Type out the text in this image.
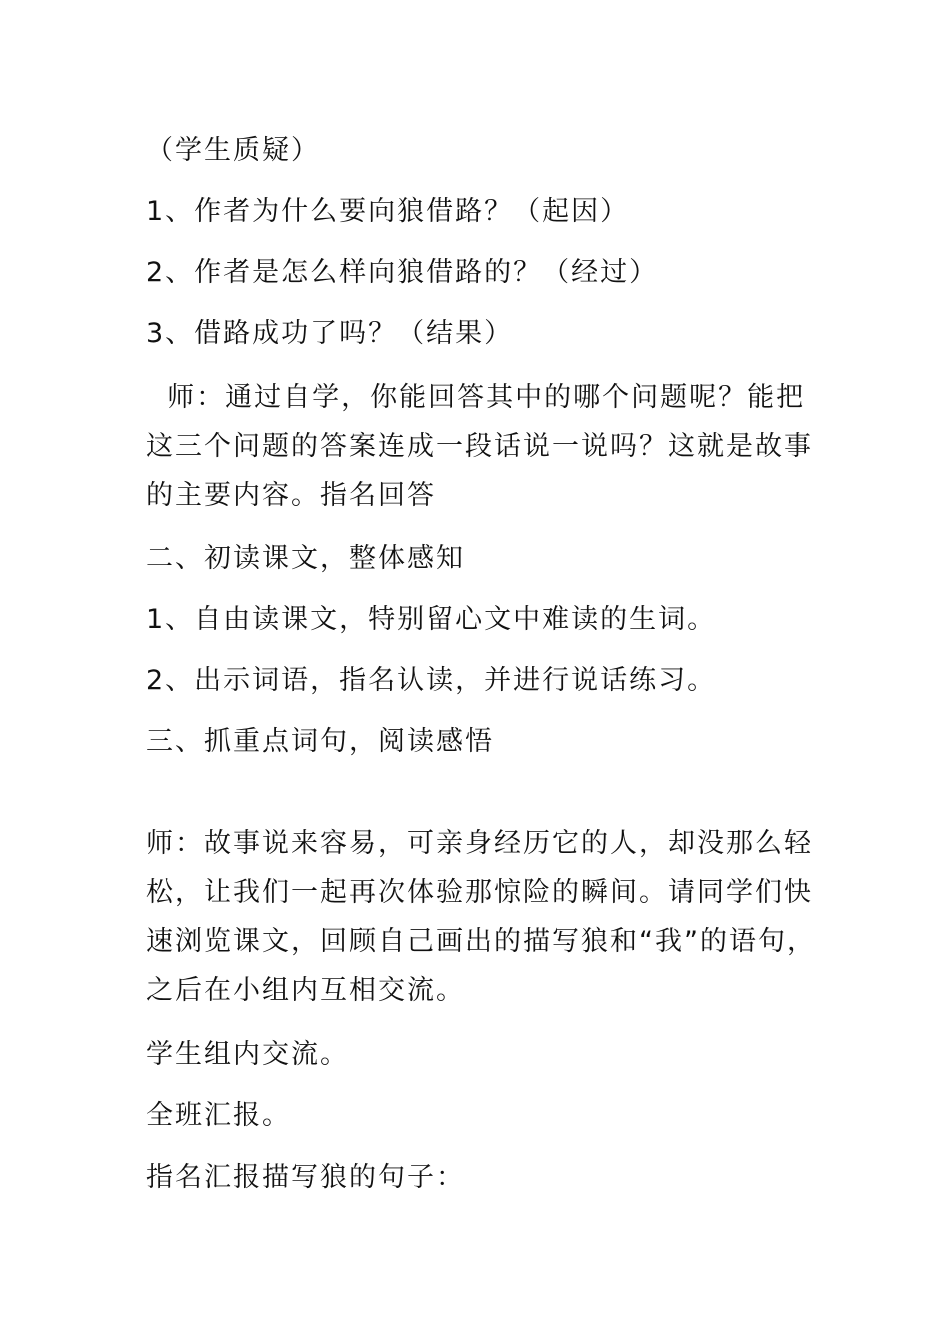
（学生质疑）
1、作者为什么要向狼借路？（起因）
2、作者是怎么样向狼借路的？（经过）
3、借路成功了吗？（结果）
师：通过自学，你能回答其中的哪个问题呢？能把
这三个问题的答案连成一段话说一说吗？这就是故事
的主要内容。指名回答
二、初读课文，整体感知
1、自由读课文，特别留心文中难读的生词。
2、出示词语，指名认读，并进行说话练习。
三、抓重点词句，阅读感悟
师：故事说来容易，可亲身经历它的人，却没那么轻
松，让我们一起再次体验那惊险的瞬间。请同学们快
速浏览课文，回顾自己画出的描写狼和“我”的语句，
之后在小组内互相交流。
学生组内交流。
全班汇报。
指名汇报描写狼的句子：
